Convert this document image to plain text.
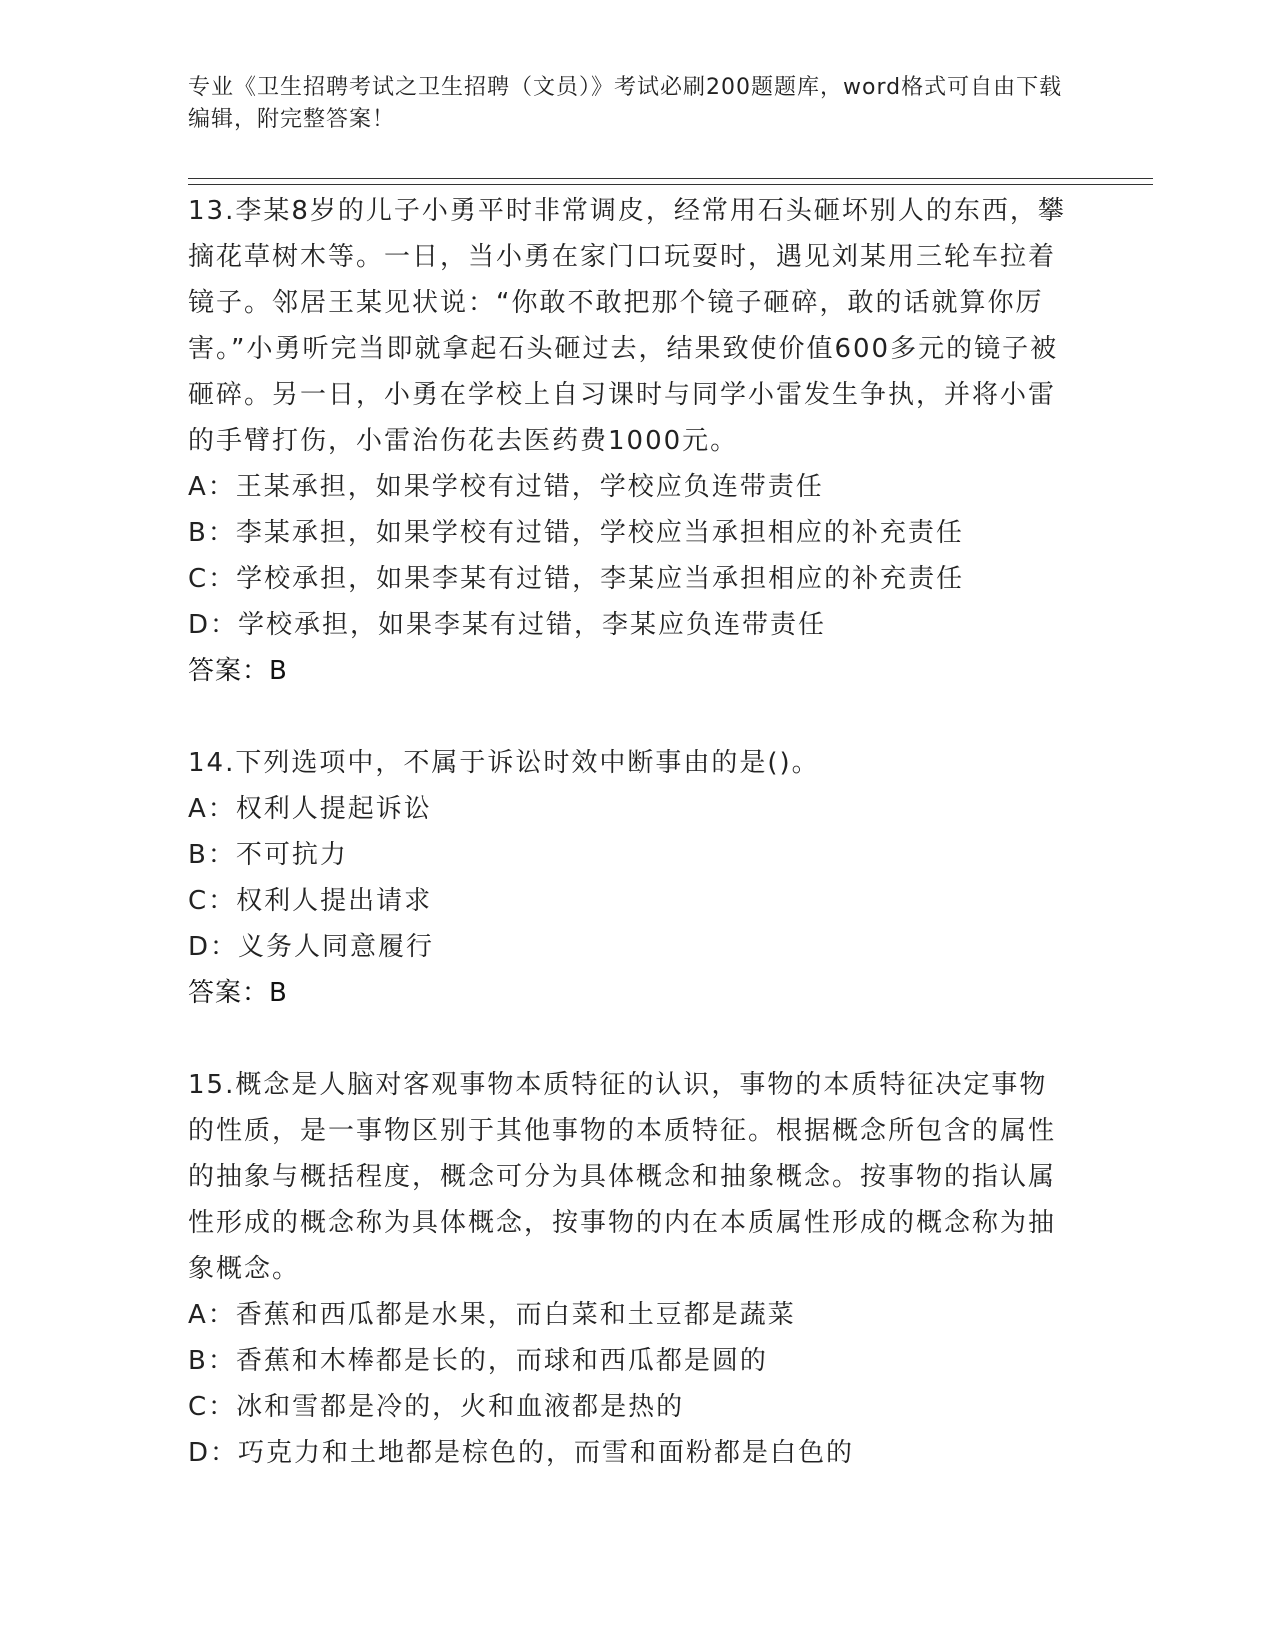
专业《卫生招聘考试之卫生招聘（文员）》考试必刷200题题库，word格式可自由下载编辑，附完整答案！
13.李某8岁的儿子小勇平时非常调皮，经常用石头砸坏别人的东西，攀摘花草树木等。一日，当小勇在家门口玩耍时，遇见刘某用三轮车拉着镜子。邻居王某见状说：“你敢不敢把那个镜子砸碎，敢的话就算你厉害。”小勇听完当即就拿起石头砸过去，结果致使价值600多元的镜子被砸碎。另一日，小勇在学校上自习课时与同学小雷发生争执，并将小雷的手臂打伤，小雷治伤花去医药费1000元。
A：王某承担，如果学校有过错，学校应负连带责任
B：李某承担，如果学校有过错，学校应当承担相应的补充责任
C：学校承担，如果李某有过错，李某应当承担相应的补充责任
D：学校承担，如果李某有过错，李某应负连带责任
答案：B
14.下列选项中，不属于诉讼时效中断事由的是()。
A：权利人提起诉讼
B：不可抗力
C：权利人提出请求
D：义务人同意履行
答案：B
15.概念是人脑对客观事物本质特征的认识，事物的本质特征决定事物的性质，是一事物区别于其他事物的本质特征。根据概念所包含的属性的抽象与概括程度，概念可分为具体概念和抽象概念。按事物的指认属性形成的概念称为具体概念，按事物的内在本质属性形成的概念称为抽象概念。
A：香蕉和西瓜都是水果，而白菜和土豆都是蔬菜
B：香蕉和木棒都是长的，而球和西瓜都是圆的
C：冰和雪都是冷的，火和血液都是热的
D：巧克力和土地都是棕色的，而雪和面粉都是白色的
